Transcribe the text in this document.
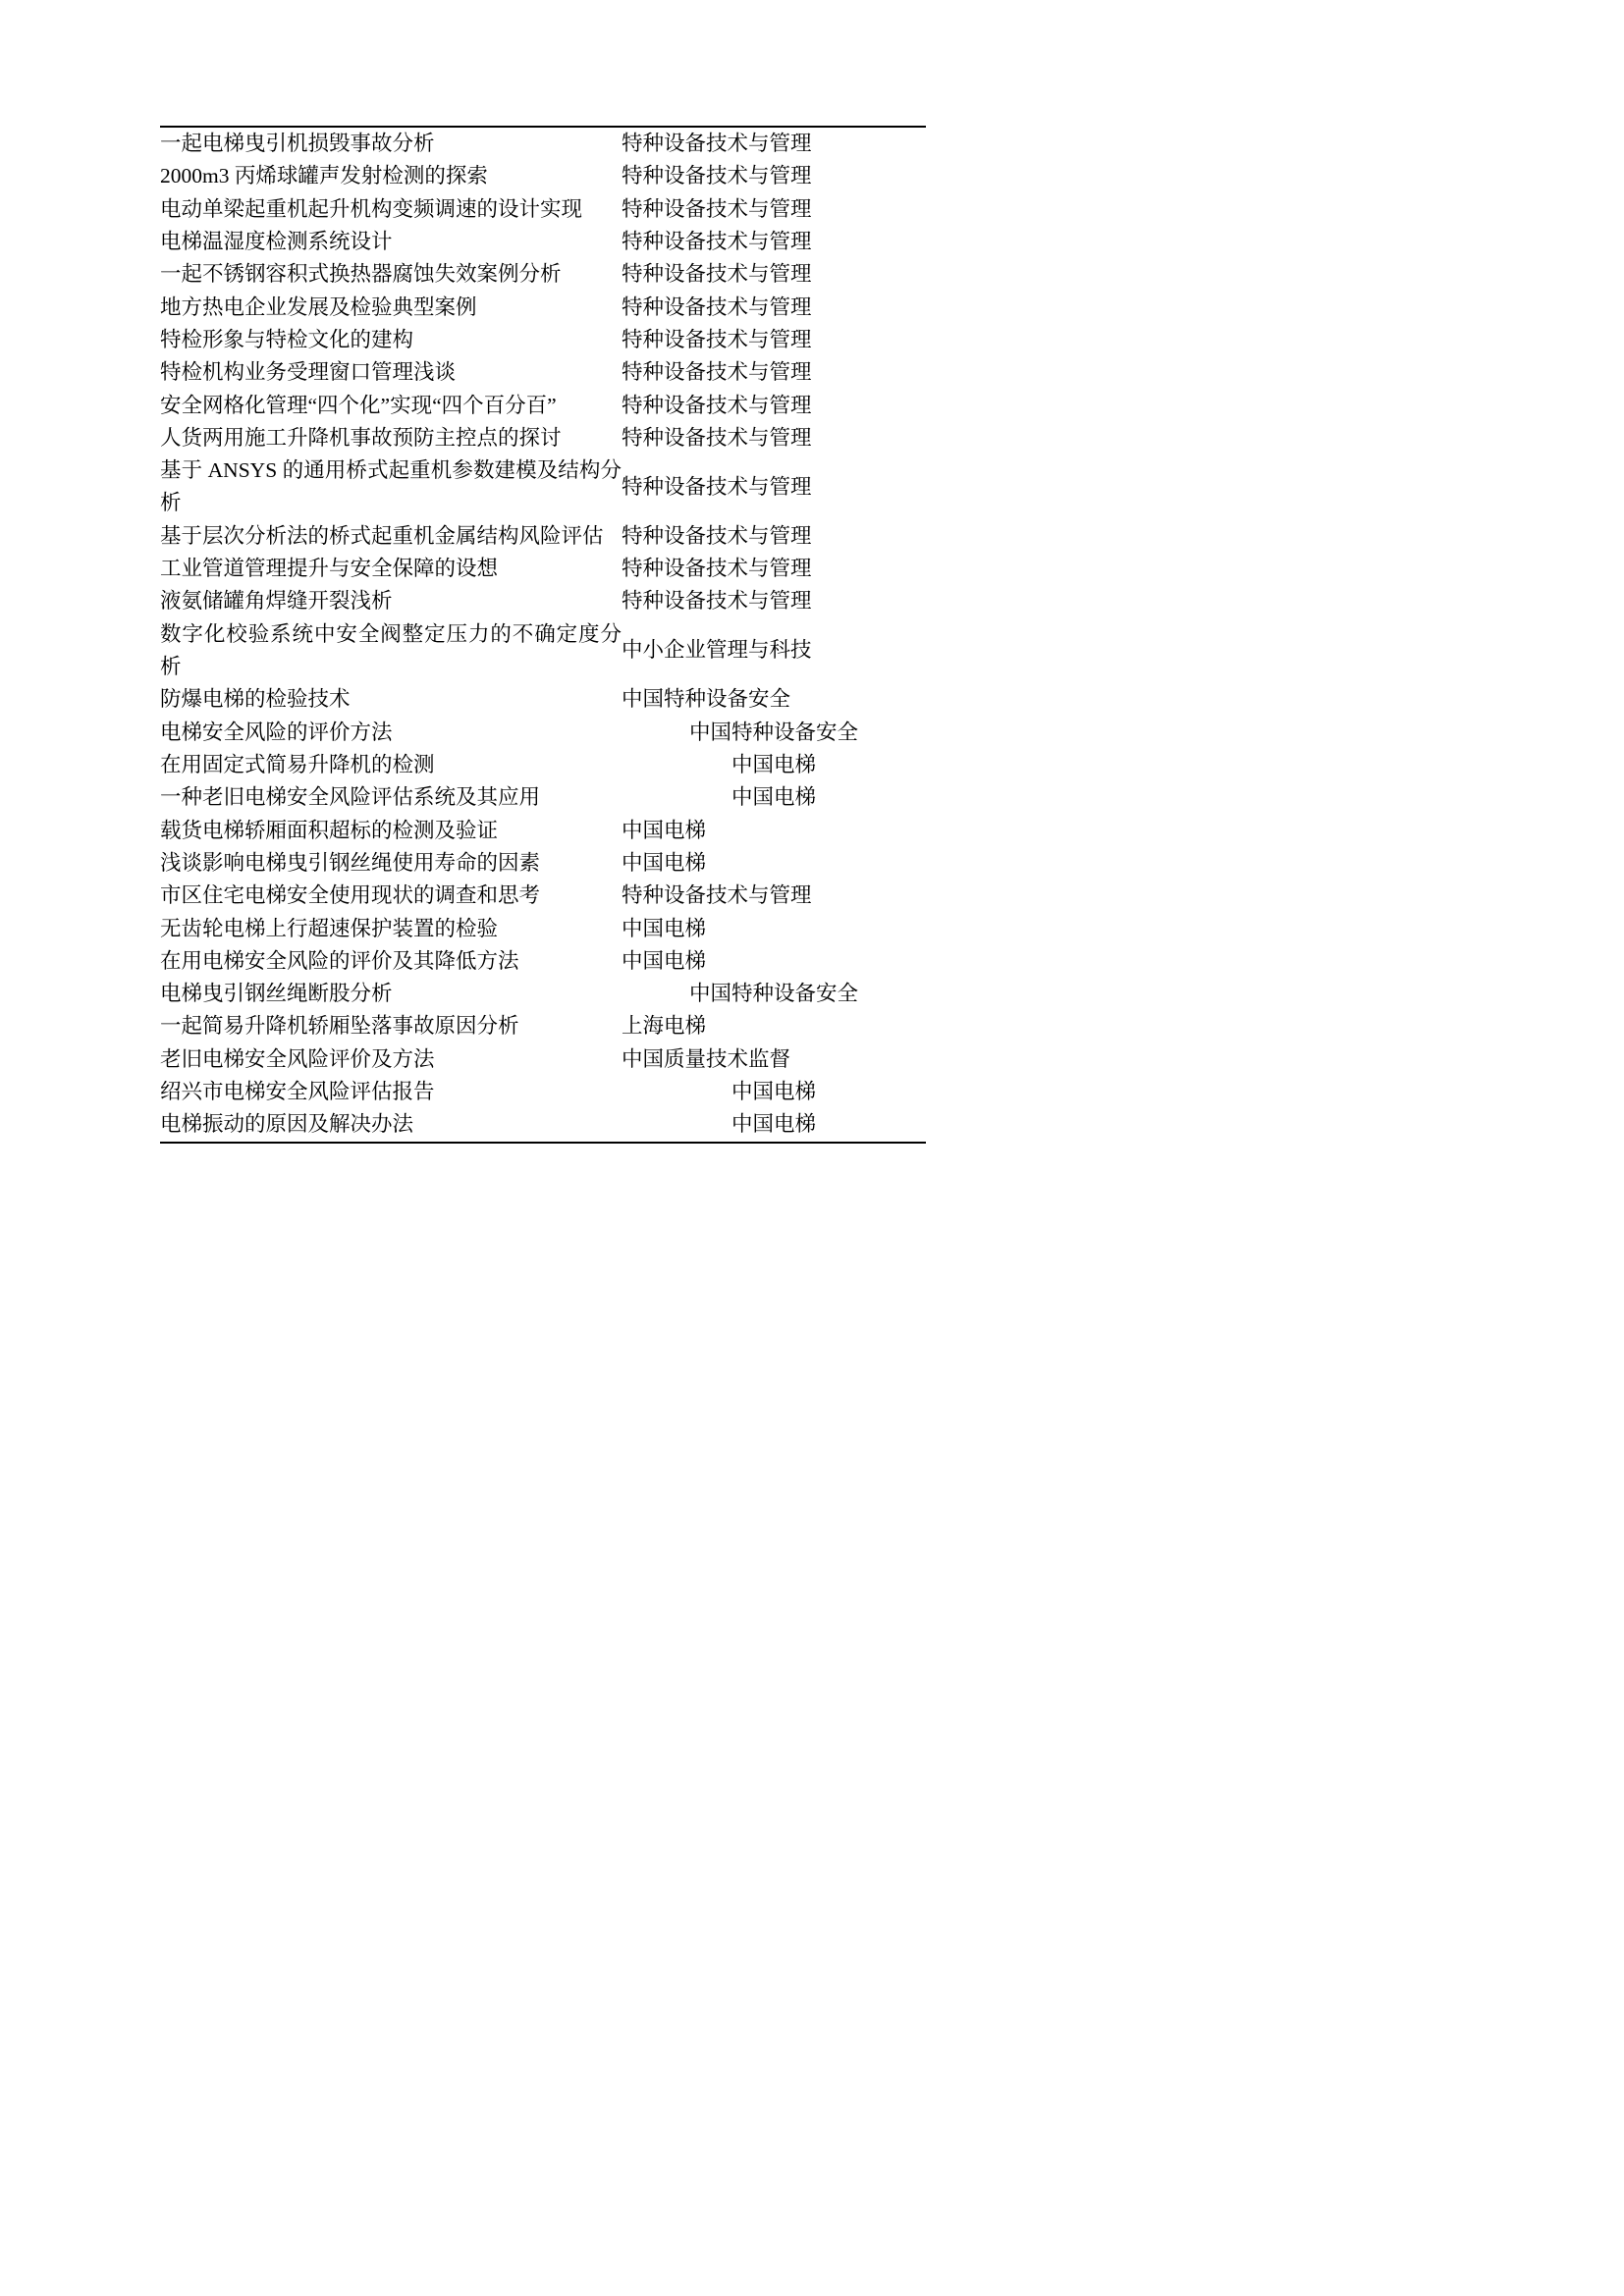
一起电梯曳引机损毁事故分析	特种设备技术与管理

2000m3 丙烯球罐声发射检测的探索	特种设备技术与管理

电动单梁起重机起升机构变频调速的设计实现	特种设备技术与管理

电梯温湿度检测系统设计	特种设备技术与管理

一起不锈钢容积式换热器腐蚀失效案例分析	特种设备技术与管理

地方热电企业发展及检验典型案例	特种设备技术与管理

特检形象与特检文化的建构	特种设备技术与管理

特检机构业务受理窗口管理浅谈	特种设备技术与管理

安全网格化管理“四个化”实现“四个百分百”	特种设备技术与管理

人货两用施工升降机事故预防主控点的探讨	特种设备技术与管理

基于 ANSYS 的通用桥式起重机参数建模及结构分析	特种设备技术与管理

基于层次分析法的桥式起重机金属结构风险评估	特种设备技术与管理

工业管道管理提升与安全保障的设想	特种设备技术与管理

液氨储罐角焊缝开裂浅析	特种设备技术与管理

数字化校验系统中安全阀整定压力的不确定度分析	中小企业管理与科技

防爆电梯的检验技术	中国特种设备安全

电梯安全风险的评价方法	中国特种设备安全

在用固定式简易升降机的检测	中国电梯

一种老旧电梯安全风险评估系统及其应用	中国电梯

载货电梯轿厢面积超标的检测及验证	中国电梯

浅谈影响电梯曳引钢丝绳使用寿命的因素	中国电梯

市区住宅电梯安全使用现状的调查和思考	特种设备技术与管理

无齿轮电梯上行超速保护装置的检验	中国电梯

在用电梯安全风险的评价及其降低方法	中国电梯

电梯曳引钢丝绳断股分析	中国特种设备安全

一起简易升降机轿厢坠落事故原因分析	上海电梯

老旧电梯安全风险评价及方法	中国质量技术监督

绍兴市电梯安全风险评估报告	中国电梯

电梯振动的原因及解决办法	中国电梯
